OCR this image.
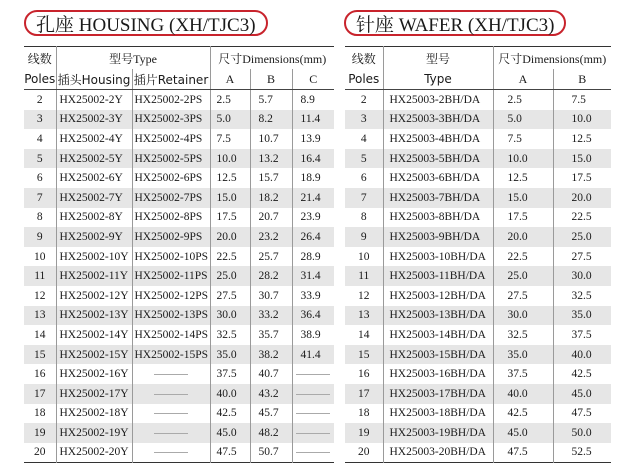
孔座 HOUSING (XH/TJC3)
线数	型号Type		尺寸Dimensions(mm)		
Poles	插头Housing	插片Retainer	A	B	C
2	HX25002-2Y	HX25002-2PS	2.5	5.7	8.9
3	HX25002-3Y	HX25002-3PS	5.0	8.2	11.4
4	HX25002-4Y	HX25002-4PS	7.5	10.7	13.9
5	HX25002-5Y	HX25002-5PS	10.0	13.2	16.4
6	HX25002-6Y	HX25002-6PS	12.5	15.7	18.9
7	HX25002-7Y	HX25002-7PS	15.0	18.2	21.4
8	HX25002-8Y	HX25002-8PS	17.5	20.7	23.9
9	HX25002-9Y	HX25002-9PS	20.0	23.2	26.4
10	HX25002-10Y	HX25002-10PS	22.5	25.7	28.9
11	HX25002-11Y	HX25002-11PS	25.0	28.2	31.4
12	HX25002-12Y	HX25002-12PS	27.5	30.7	33.9
13	HX25002-13Y	HX25002-13PS	30.0	33.2	36.4
14	HX25002-14Y	HX25002-14PS	32.5	35.7	38.9
15	HX25002-15Y	HX25002-15PS	35.0	38.2	41.4
16	HX25002-16Y		37.5	40.7	
17	HX25002-17Y		40.0	43.2	
18	HX25002-18Y		42.5	45.7	
19	HX25002-19Y		45.0	48.2	
20	HX25002-20Y		47.5	50.7	
针座 WAFER (XH/TJC3)
线数	型号	尺寸Dimensions(mm)	
Poles	Type	A	B
2	HX25003-2BH/DA	2.5	7.5
3	HX25003-3BH/DA	5.0	10.0
4	HX25003-4BH/DA	7.5	12.5
5	HX25003-5BH/DA	10.0	15.0
6	HX25003-6BH/DA	12.5	17.5
7	HX25003-7BH/DA	15.0	20.0
8	HX25003-8BH/DA	17.5	22.5
9	HX25003-9BH/DA	20.0	25.0
10	HX25003-10BH/DA	22.5	27.5
11	HX25003-11BH/DA	25.0	30.0
12	HX25003-12BH/DA	27.5	32.5
13	HX25003-13BH/DA	30.0	35.0
14	HX25003-14BH/DA	32.5	37.5
15	HX25003-15BH/DA	35.0	40.0
16	HX25003-16BH/DA	37.5	42.5
17	HX25003-17BH/DA	40.0	45.0
18	HX25003-18BH/DA	42.5	47.5
19	HX25003-19BH/DA	45.0	50.0
20	HX25003-20BH/DA	47.5	52.5
